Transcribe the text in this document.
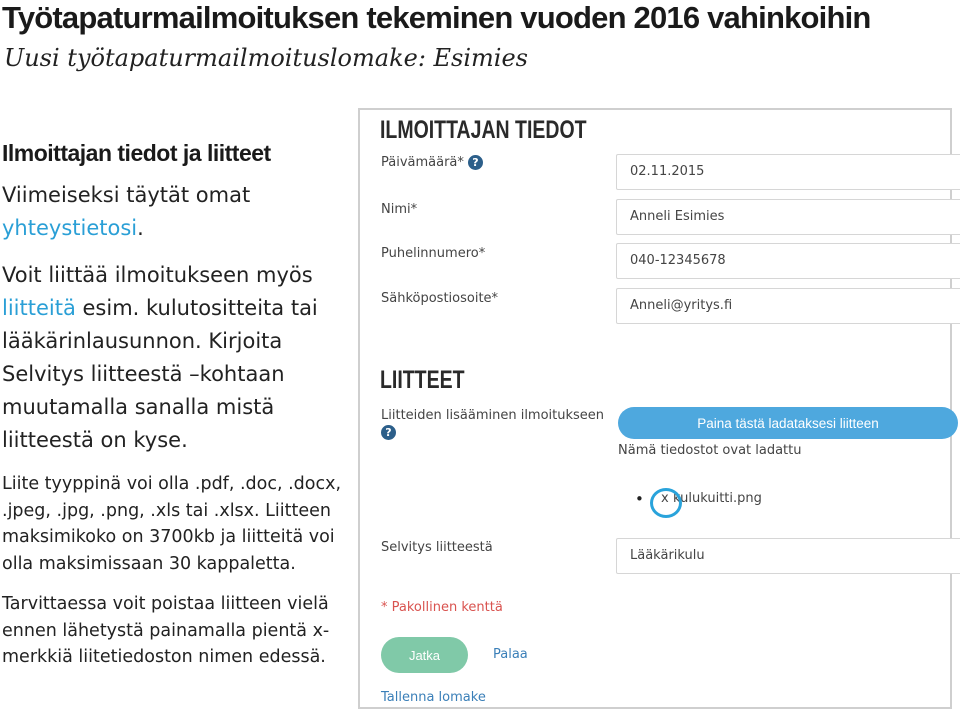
Työtapaturmailmoituksen tekeminen vuoden 2016 vahinkoihin
Uusi työtapaturmailmoituslomake: Esimies
Ilmoittajan tiedot ja liitteet

Viimeiseksi täytät omat yhteystietosi.

Voit liittää ilmoitukseen myös liitteitä esim. kulutositteita tai lääkärinlausunnon. Kirjoita Selvitys liitteestä –kohtaan muutamalla sanalla mistä liitteestä on kyse.

Liite tyyppinä voi olla .pdf, .doc, .docx, .jpeg, .jpg, .png, .xls tai .xlsx. Liitteen maksimikoko on 3700kb ja liitteitä voi olla maksimissaan 30 kappaletta.

Tarvittaessa voit poistaa liitteen vielä ennen lähetystä painamalla pientä x-merkkiä liitetiedoston nimen edessä.

ILMOITTAJAN TIEDOT
Päivämäärä* ?
02.11.2015
Nimi*	Anneli Esimies
Puhelinnumero*	040-12345678
Sähköpostiosoite*	Anneli@yritys.fi
LIITTEET
Liitteiden lisääminen ilmoitukseen
?
Paina tästä ladataksesi liitteen
Nämä tiedostot ovat ladattu
• x kulukuitti.png
Selvitys liitteestä
Lääkärikulu
* Pakollinen kenttä
Jatka	Palaa
Tallenna lomake
